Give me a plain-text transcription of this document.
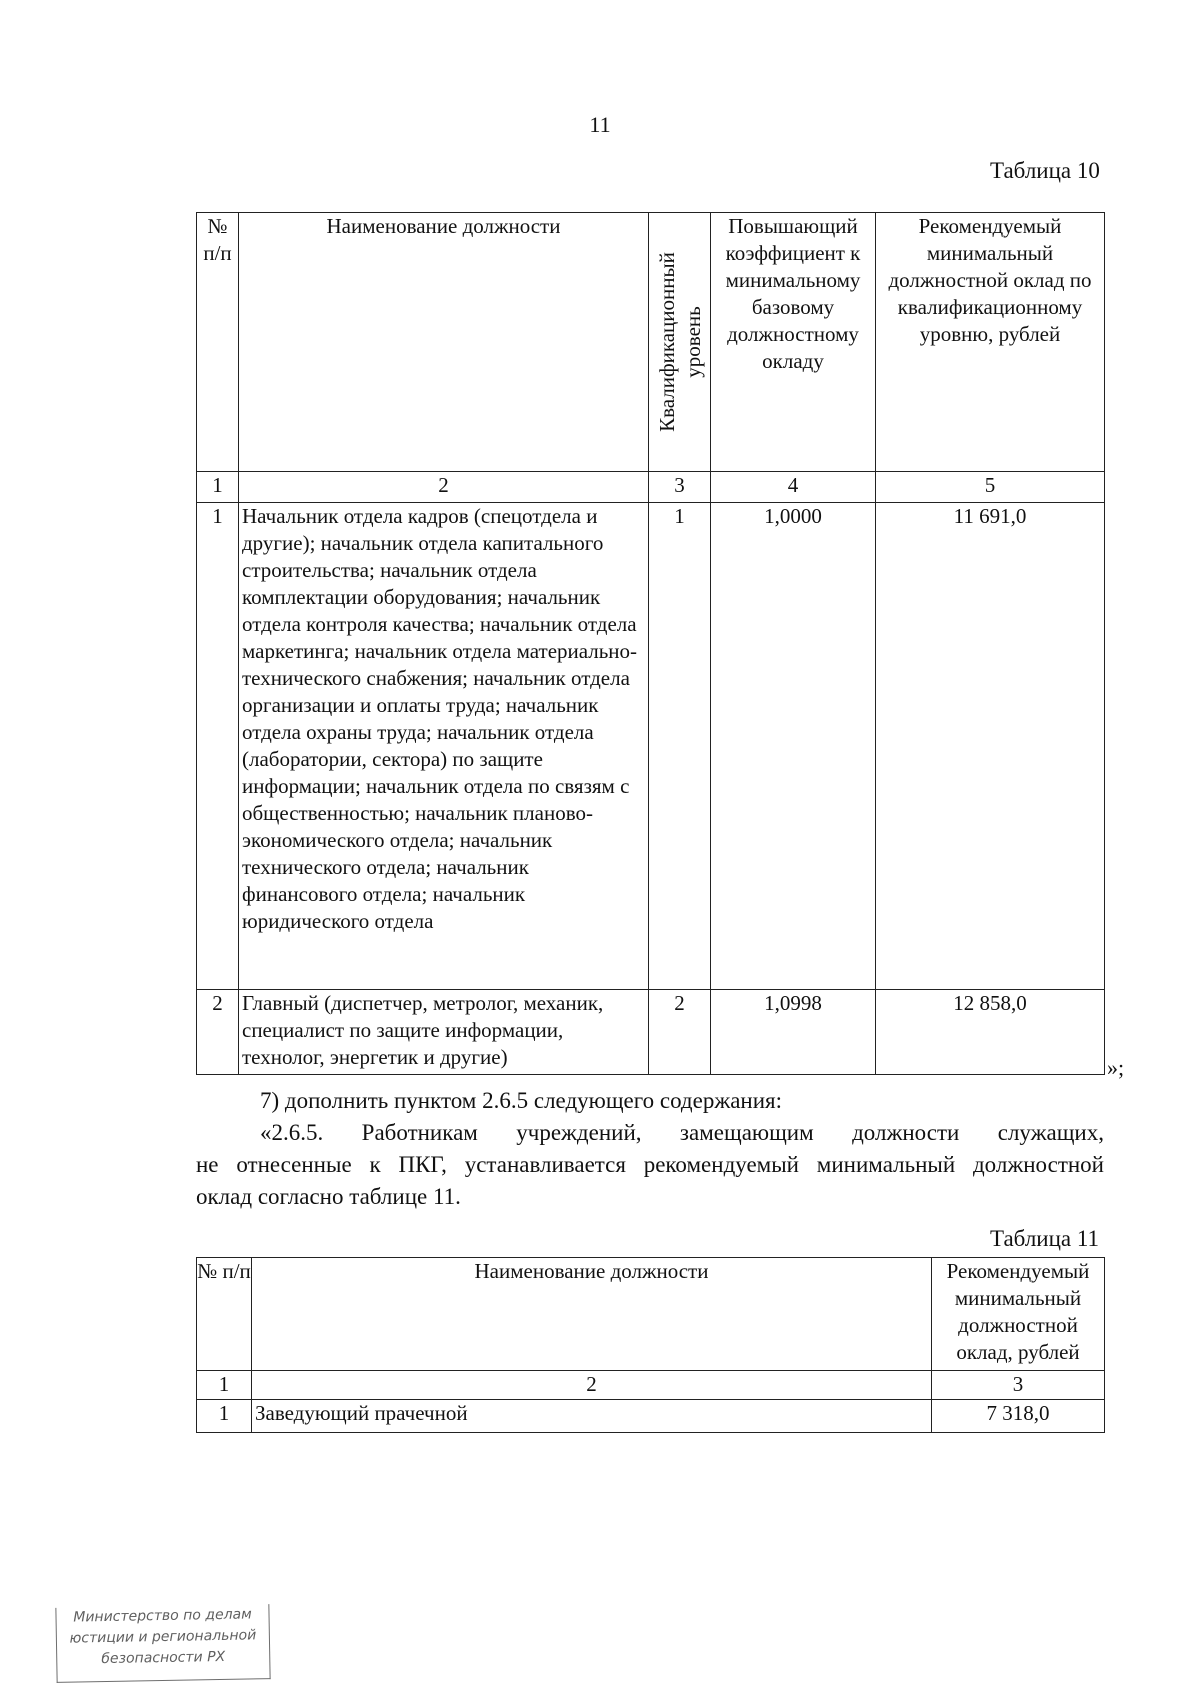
11
Таблица 10
№ п/п	Наименование должности	Квалификационный уровень	Повышающий коэффициент к минимальному базовому должностному окладу	Рекомендуемый минимальный должностной оклад по квалификационному уровню, рублей
1	2	3	4	5
1	Начальник отдела кадров (спецотдела и другие); начальник отдела капитального строительства; начальник отдела комплектации оборудования; начальник отдела контроля качества; начальник отдела маркетинга; начальник отдела материально-технического снабжения; начальник отдела организации и оплаты труда; начальник отдела охраны труда; начальник отдела (лаборатории, сектора) по защите информации; начальник отдела по связям с общественностью; начальник планово-экономического отдела; начальник технического отдела; начальник финансового отдела; начальник юридического отдела	1	1,0000	11 691,0
2	Главный (диспетчер, метролог, механик, специалист по защите информации, технолог, энергетик и другие)	2	1,0998	12 858,0
»;
7) дополнить пунктом 2.6.5 следующего содержания:
«2.6.5. Работникам учреждений, замещающим должности служащих,
не отнесенные к ПКГ, устанавливается рекомендуемый минимальный должностной
оклад согласно таблице 11.
Таблица 11
№ п/п	Наименование должности	Рекомендуемый минимальный должностной оклад, рублей
1	2	3
1	Заведующий прачечной	7 318,0
Министерство по делам
юстиции и региональной
безопасности РХ
